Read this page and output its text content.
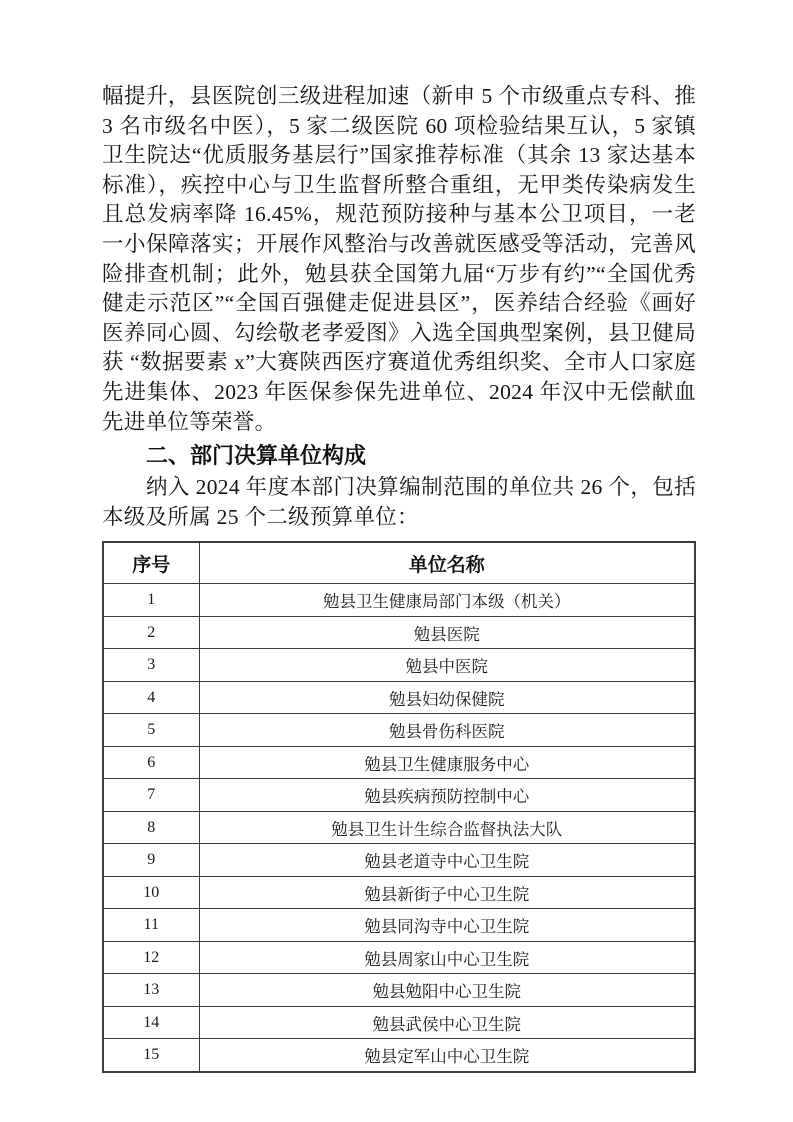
幅提升，县医院创三级进程加速（新申 5 个市级重点专科、推 3 名市级名中医），5 家二级医院 60 项检验结果互认，5 家镇卫生院达“优质服务基层行”国家推荐标准（其余 13 家达基本标准），疾控中心与卫生监督所整合重组，无甲类传染病发生且总发病率降 16.45%，规范预防接种与基本公卫项目，一老一小保障落实；开展作风整治与改善就医感受等活动，完善风险排查机制；此外，勉县获全国第九届“万步有约”“全国优秀健走示范区”“全国百强健走促进县区”，医养结合经验《画好医养同心圆、勾绘敬老孝爱图》入选全国典型案例，县卫健局获 “数据要素 x”大赛陕西医疗赛道优秀组织奖、全市人口家庭先进集体、2023 年医保参保先进单位、2024 年汉中无偿献血先进单位等荣誉。

二、部门决算单位构成

纳入 2024 年度本部门决算编制范围的单位共 26 个，包括本级及所属 25 个二级预算单位：

序号	单位名称
1	勉县卫生健康局部门本级（机关）
2	勉县医院
3	勉县中医院
4	勉县妇幼保健院
5	勉县骨伤科医院
6	勉县卫生健康服务中心
7	勉县疾病预防控制中心
8	勉县卫生计生综合监督执法大队
9	勉县老道寺中心卫生院
10	勉县新街子中心卫生院
11	勉县同沟寺中心卫生院
12	勉县周家山中心卫生院
13	勉县勉阳中心卫生院
14	勉县武侯中心卫生院
15	勉县定军山中心卫生院
